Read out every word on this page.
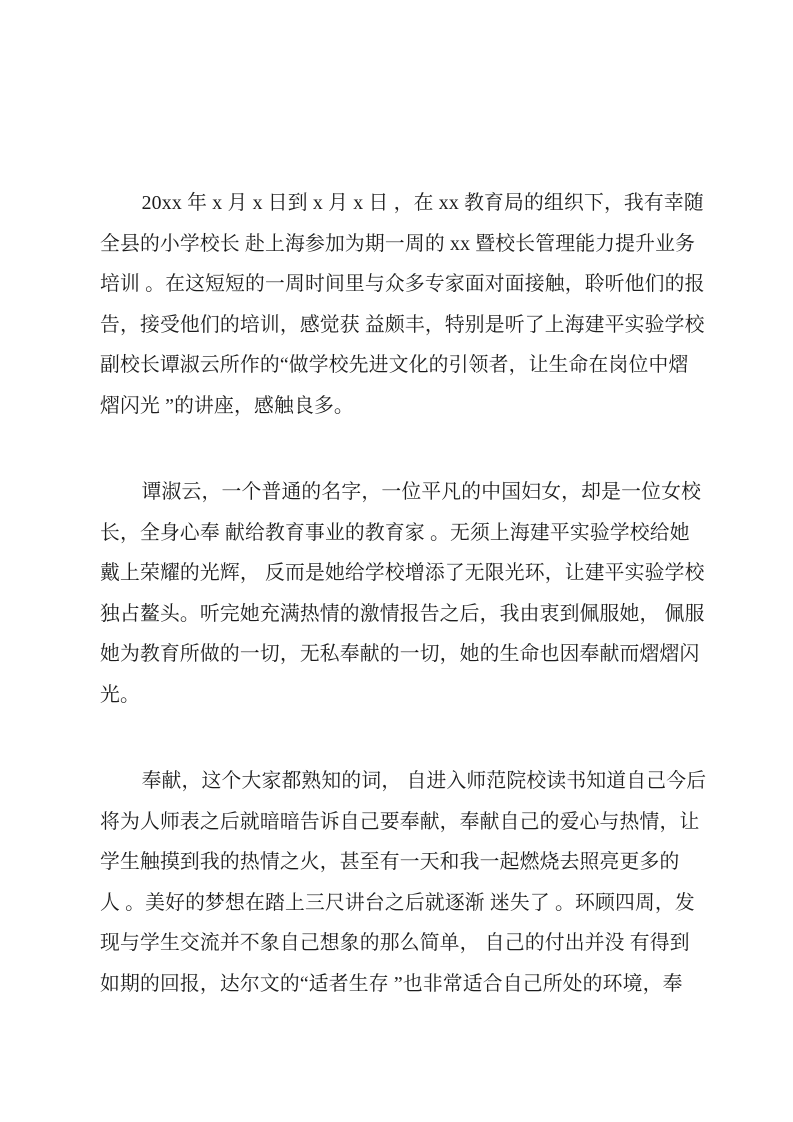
20xx 年 x 月 x 日到 x 月 x 日 ，在 xx 教育局的组织下，我有幸随
全县的小学校长 赴上海参加为期一周的 xx 暨校长管理能力提升业务
培训 。在这短短的一周时间里与众多专家面对面接触，聆听他们的报
告，接受他们的培训，感觉获 益颇丰，特别是听了上海建平实验学校
副校长谭淑云所作的“做学校先进文化的引领者，让生命在岗位中熠
熠闪光 ”的讲座，感触良多。

谭淑云，一个普通的名字，一位平凡的中国妇女，却是一位女校
长，全身心奉 献给教育事业的教育家 。无须上海建平实验学校给她
戴上荣耀的光辉， 反而是她给学校增添了无限光环，让建平实验学校
独占鳌头。听完她充满热情的激情报告之后，我由衷到佩服她， 佩服
她为教育所做的一切，无私奉献的一切，她的生命也因奉献而熠熠闪
光。

奉献，这个大家都熟知的词， 自进入师范院校读书知道自己今后
将为人师表之后就暗暗告诉自己要奉献，奉献自己的爱心与热情，让
学生触摸到我的热情之火，甚至有一天和我一起燃烧去照亮更多的
人 。美好的梦想在踏上三尺讲台之后就逐渐 迷失了 。环顾四周，发
现与学生交流并不象自己想象的那么简单， 自己的付出并没 有得到
如期的回报，达尔文的“适者生存 ”也非常适合自己所处的环境，奉
